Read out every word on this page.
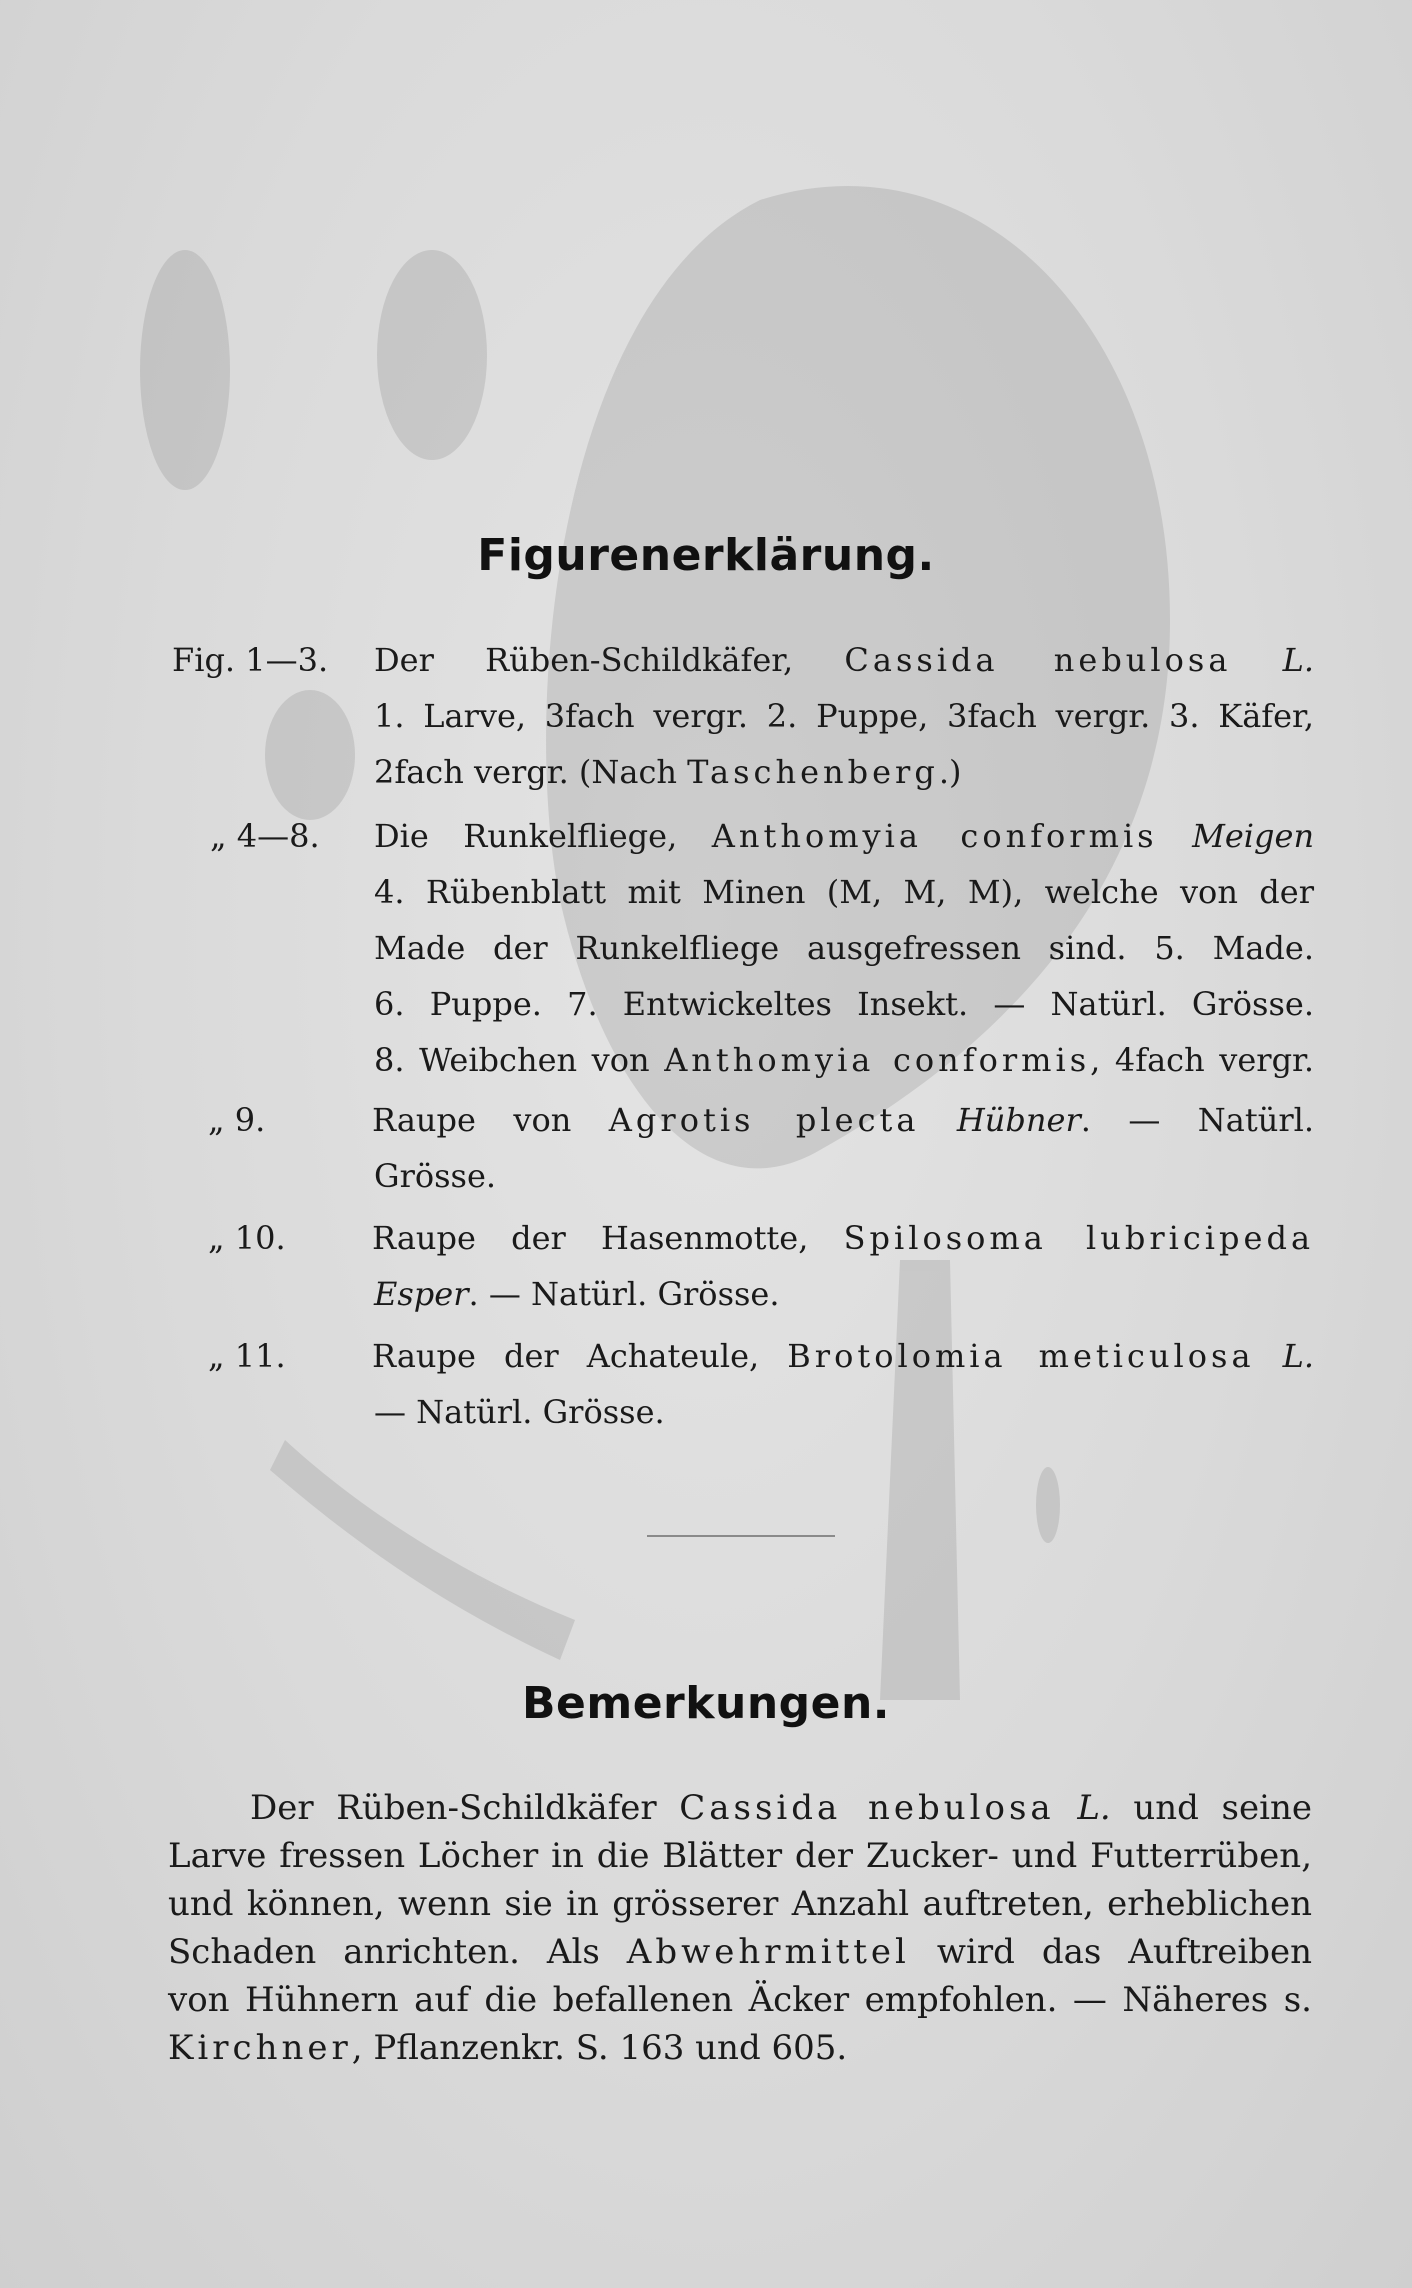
Figurenerklärung.
Fig. 1—3. Der Rüben-Schildkäfer, Cassida nebulosa L.
1. Larve, 3fach vergr. 2. Puppe, 3fach vergr. 3. Käfer,
2fach vergr. (Nach Taschenberg.)
„ 4—8. Die Runkelfliege, Anthomyia conformis Meigen
4. Rübenblatt mit Minen (M, M, M), welche von der
Made der Runkelfliege ausgefressen sind. 5. Made.
6. Puppe. 7. Entwickeltes Insekt. — Natürl. Grösse.
8. Weibchen von Anthomyia conformis, 4fach vergr.
„ 9.	Raupe von Agrotis plecta Hübner. — Natürl.
Grösse.
„ 10.	Raupe der Hasenmotte, Spilosoma lubricipeda
Esper. — Natürl. Grösse.
„ 11.	Raupe der Achateule, Brotolomia meticulosa L.
— Natürl. Grösse.
Bemerkungen.
Der Rüben-Schildkäfer Cassida nebulosa L. und seine
Larve fressen Löcher in die Blätter der Zucker- und Futterrüben,
und können, wenn sie in grösserer Anzahl auftreten, erheblichen
Schaden anrichten. Als Abwehrmittel wird das Auftreiben
von Hühnern auf die befallenen Äcker empfohlen. — Näheres s.
Kirchner, Pflanzenkr. S. 163 und 605.
